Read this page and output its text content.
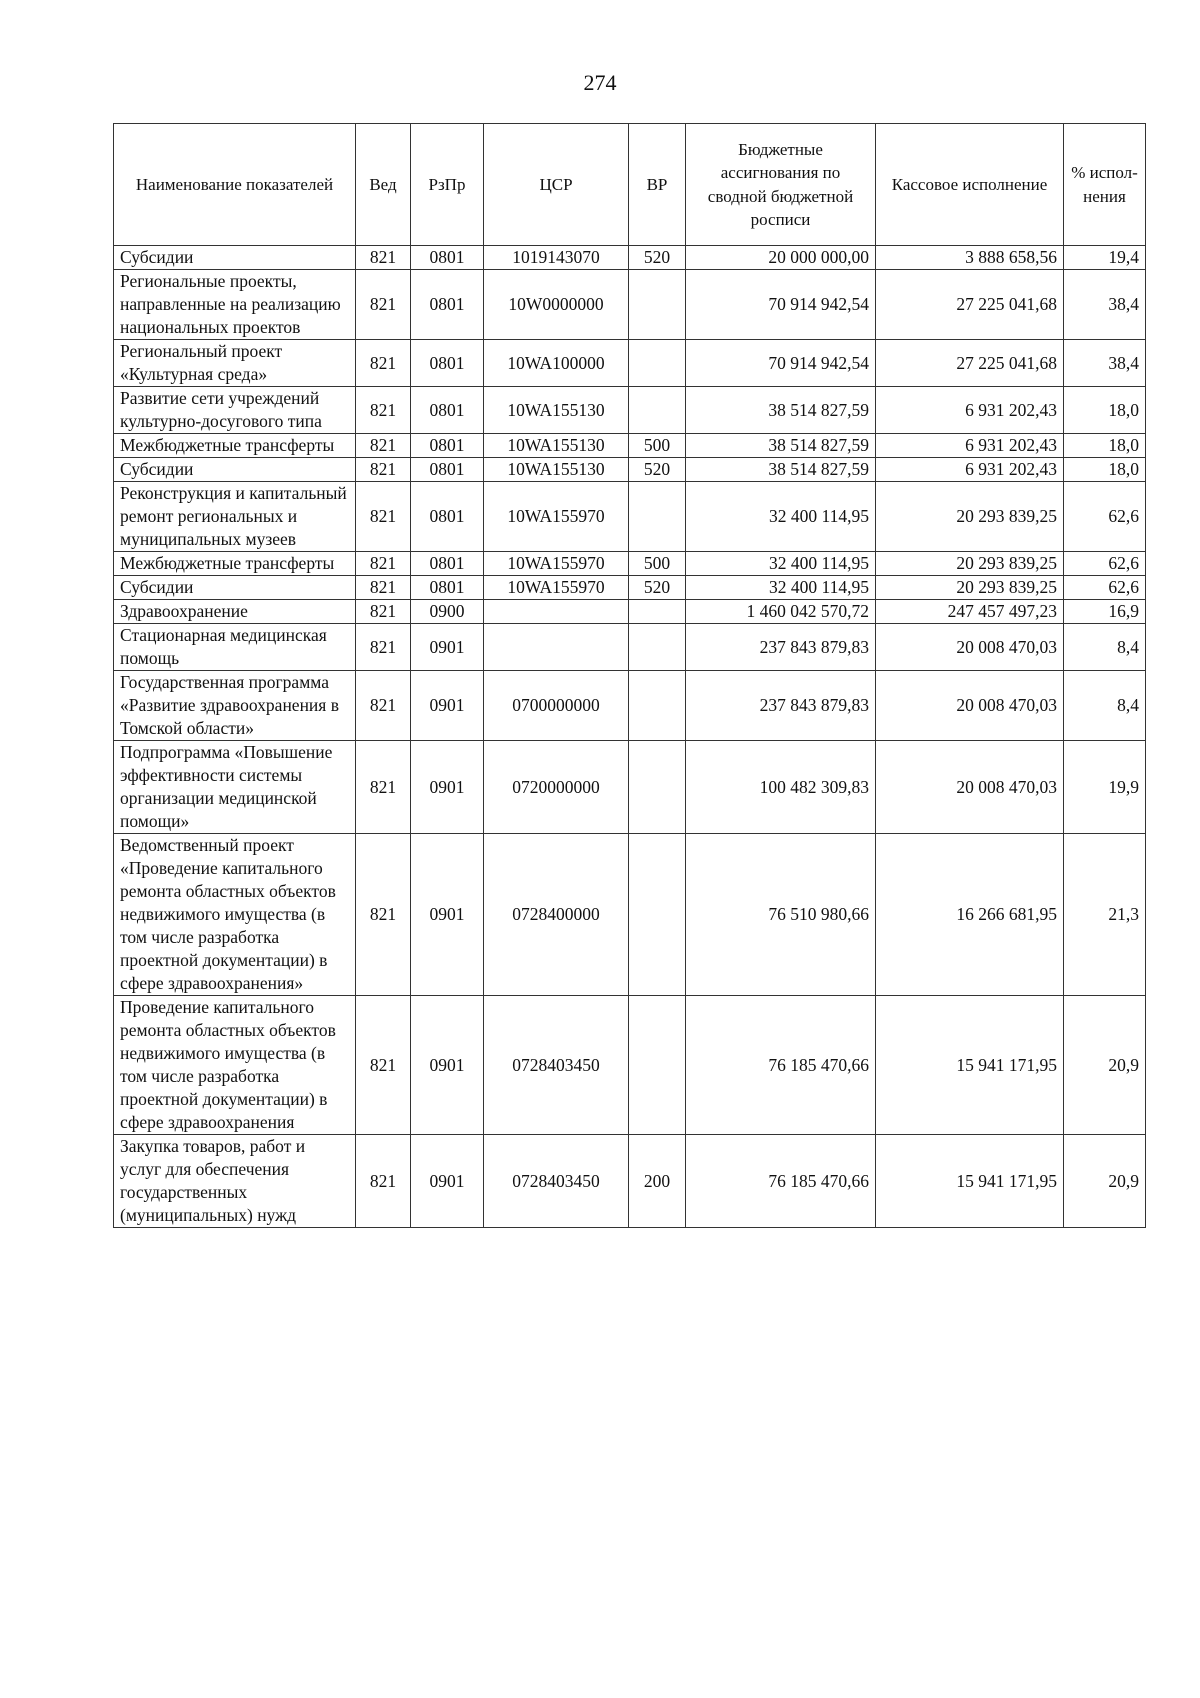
274
Наименование показателей	Вед	РзПр	ЦСР	ВР	Бюджетные ассигнования по сводной бюджетной росписи	Кассовое исполнение	% испол-нения
Субсидии	821	0801	1019143070	520	20 000 000,00	3 888 658,56	19,4
Региональные проекты, направленные на реализацию национальных проектов	821	0801	10W0000000		70 914 942,54	27 225 041,68	38,4
Региональный проект «Культурная среда»	821	0801	10WA100000		70 914 942,54	27 225 041,68	38,4
Развитие сети учреждений культурно-досугового типа	821	0801	10WA155130		38 514 827,59	6 931 202,43	18,0
Межбюджетные трансферты	821	0801	10WA155130	500	38 514 827,59	6 931 202,43	18,0
Субсидии	821	0801	10WA155130	520	38 514 827,59	6 931 202,43	18,0
Реконструкция и капитальный ремонт региональных и муниципальных музеев	821	0801	10WA155970		32 400 114,95	20 293 839,25	62,6
Межбюджетные трансферты	821	0801	10WA155970	500	32 400 114,95	20 293 839,25	62,6
Субсидии	821	0801	10WA155970	520	32 400 114,95	20 293 839,25	62,6
Здравоохранение	821	0900			1 460 042 570,72	247 457 497,23	16,9
Стационарная медицинская помощь	821	0901			237 843 879,83	20 008 470,03	8,4
Государственная программа «Развитие здравоохранения в Томской области»	821	0901	0700000000		237 843 879,83	20 008 470,03	8,4
Подпрограмма «Повышение эффективности системы организации медицинской помощи»	821	0901	0720000000		100 482 309,83	20 008 470,03	19,9
Ведомственный проект «Проведение капитального ремонта областных объектов недвижимого имущества (в том числе разработка проектной документации) в сфере здравоохранения»	821	0901	0728400000		76 510 980,66	16 266 681,95	21,3
Проведение капитального ремонта областных объектов недвижимого имущества (в том числе разработка проектной документации) в сфере здравоохранения	821	0901	0728403450		76 185 470,66	15 941 171,95	20,9
Закупка товаров, работ и услуг для обеспечения государственных (муниципальных) нужд	821	0901	0728403450	200	76 185 470,66	15 941 171,95	20,9
